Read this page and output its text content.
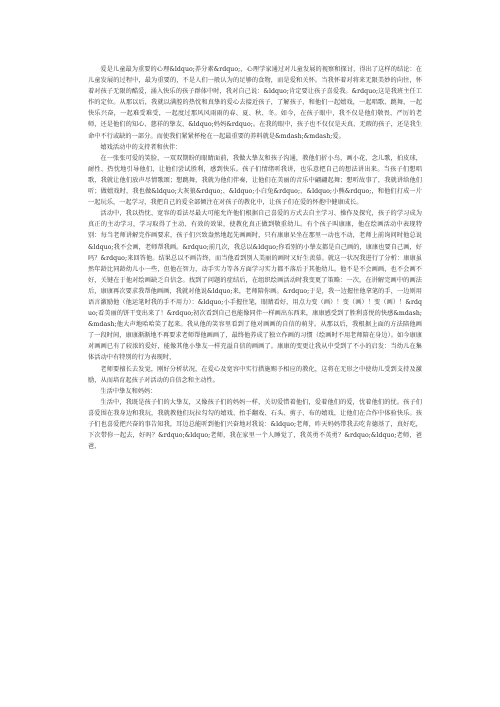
爱是儿童最为重要的心理&ldquo;养分素&rdquo;，心理学家通过对儿童发展的视察和探讨，得出了这样的结论：在儿童发展的过程中，最为重要的，不是人们一般认为的足够的食物，而是爱和关怀。当我怀着对将来无限美妙的向往，怀着对孩子无限的酷爱，涌入快乐的孩子群体中时，我对自己说：&ldquo;肯定要让孩子喜爱我。&rdquo;这是我班主任工作的定位。从那以后，我就以满腔的热忱和真挚的爱心去接近孩子，了解孩子，和他们一起嬉戏，一起唱歌、跳舞，一起快乐兴奋，一起难受难受，一起度过那风风雨雨的春、夏、秋、冬。如今，在孩子眼中，我不仅是他们敬畏、严厉的老师，还是他们的知心、慈祥的挚友、&ldquo;妈妈&rdquo;。在我的眼中，孩子也不仅仅是天真、无瑕的孩子，还是我生命中不行或缺的一部分。而使我们紧紧杯枪在一起最重要的养料就是&mdash;&mdash;爱。

嬉戏活动中的支持者和伙伴：

在一张张可爱的笑脸，一双双期盼的眼睛面前，我做大挚友和孩子沟通，教他们折小鸟，画小花，念儿歌，拍皮球，耐性、热忱地引导他们，让他们尝试胜利，感到快乐。孩子们情绪听我讲，也乐意把自己的想法讲出来。当孩子们想唱歌，我就让他们放声尽情歌颂；想跳舞，我就为他们伴奏，让他们在美丽的音乐中翩翩起舞；想听故事了，我就讲给他们听；做嬉戏时，我也做&ldquo;大灰狼&rdquo;、&ldquo;小白兔&rdquo;、&ldquo;小熊&rdquo;，和他们打成一片一起玩乐，一起学习，我把自己的爱全部倾注在对孩子的教化中，让孩子们在爱的怀抱中健康成长。

活动中，我以热忱、宽容的看法尽最大可能允许他们根据自己喜爱的方式去自主学习、操作及探究，孩子的学习成为真正的主动学习，学习取得了主动、有效的效果，使教化真正做到敬重幼儿。有个孩子叫康康，他在绘画活动中表现特别：每当老师讲解完作画要求，孩子们兴致盎然地起先画画时，只有康康呆坐在那里一动也不动，老师上前询问时他总说&ldquo;我不会画，老师帮我画。&rdquo;前几次，我总以&ldquo;你看别的小挚友都是自己画的，康康也要自己画，好吗？&rdquo;来回答他。结果总以不画告终，而当他看到别人美丽的画时又好生羡慕。就这一状况我进行了分析：康康虽然年龄比同龄幼儿小一些，但他在智力，动手实力等各方面学习实力都不落后于其他幼儿。他不是不会画画，也不会画不好，关键在于他对绘画缺乏自信念。找到了问题的症结后，在组织绘画活动时我变更了策略：一次，在讲解完画中的画法后，康康再次要求我帮他画画，我就对他说&ldquo;来，老师陪你画。&rdquo;于是，我一边握住他拿笔的手，一边则用语言激励他（他运笔时我的手不用力）：&ldquo;小手握住笔，眼睛看好，用点力变（画）！变（画）！变（画）！&rdquo;看美丽的饼干变出来了！&rdquo;初次看到自己也能像同伴一样画出东西来，康康感受到了胜利喜悦的快感&mdash;&mdash;他大声地哈哈笑了起来。我从他的笑容里看到了他对画画的自信的萌芽。从那以后，我根据上面的方法陪他画了一段时间，康康渐渐地不再要求老师帮他画画了，最终他养成了独立作画的习惯（绘画时不用老师陪在身边）。如今康康对画画已有了较浓的爱好，能像其他小挚友一样充溢自信的画画了。康康的变更让我从中受到了不小的启发：当幼儿在集体活动中有特别的行为表现时，

老师要擅长去发觉，刚好分析状况，在爱心及宽容中实行措施赐予相应的教化，这将在无形之中使幼儿受到支持及激励，从而培育起孩子对活动的自信念和主动性。

生活中挚友和妈妈：

生活中，我既是孩子们的大挚友，又像孩子们的妈妈一样，关切爱惜着他们，爱着他们的爱，忧着他们的忧。孩子们喜爱围在我身边和我玩，我就教他们玩拉勾勾的嬉戏、抬手翻戏、石头、剪子、布的嬉戏，让他们在合作中体验快乐。孩子们也喜爱把兴奋的事告知我，耳边总能听到他们兴奋地对我说：&ldquo;老师，昨天妈妈带我去吃肯德基了，真好吃，下次带你一起去，好吗？&rdquo;&ldquo;老师，我在家里一个人睡觉了，我英勇不英勇？&rdquo;&ldquo;老师，爸爸、
